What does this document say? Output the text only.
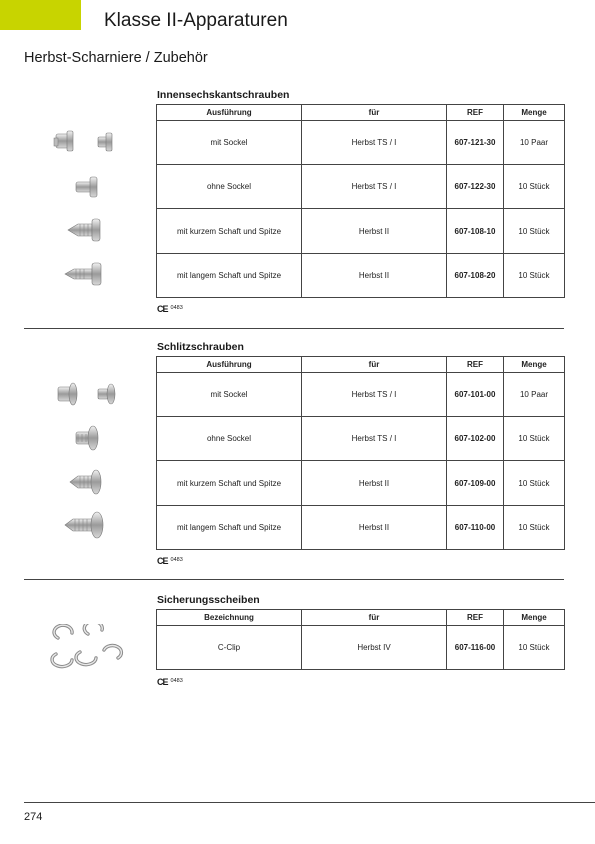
Klasse II-Apparaturen
Herbst-Scharniere / Zubehör
Innensechskantschrauben
Ausführung	für	REF	Menge
mit Sockel	Herbst TS / I	607-121-30	10 Paar
ohne Sockel	Herbst TS / I	607-122-30	10 Stück
mit kurzem Schaft und Spitze	Herbst II	607-108-10	10 Stück
mit langem Schaft und Spitze	Herbst II	607-108-20	10 Stück
CE $^{0483}$
Schlitzschrauben
Ausführung	für	REF	Menge
mit Sockel	Herbst TS / I	607-101-00	10 Paar
ohne Sockel	Herbst TS / I	607-102-00	10 Stück
mit kurzem Schaft und Spitze	Herbst II	607-109-00	10 Stück
mit langem Schaft und Spitze	Herbst II	607-110-00	10 Stück
CE $^{0483}$
Sicherungsscheiben
Bezeichnung	für	REF	Menge
C-Clip	Herbst IV	607-116-00	10 Stück
CE $^{0483}$
274
